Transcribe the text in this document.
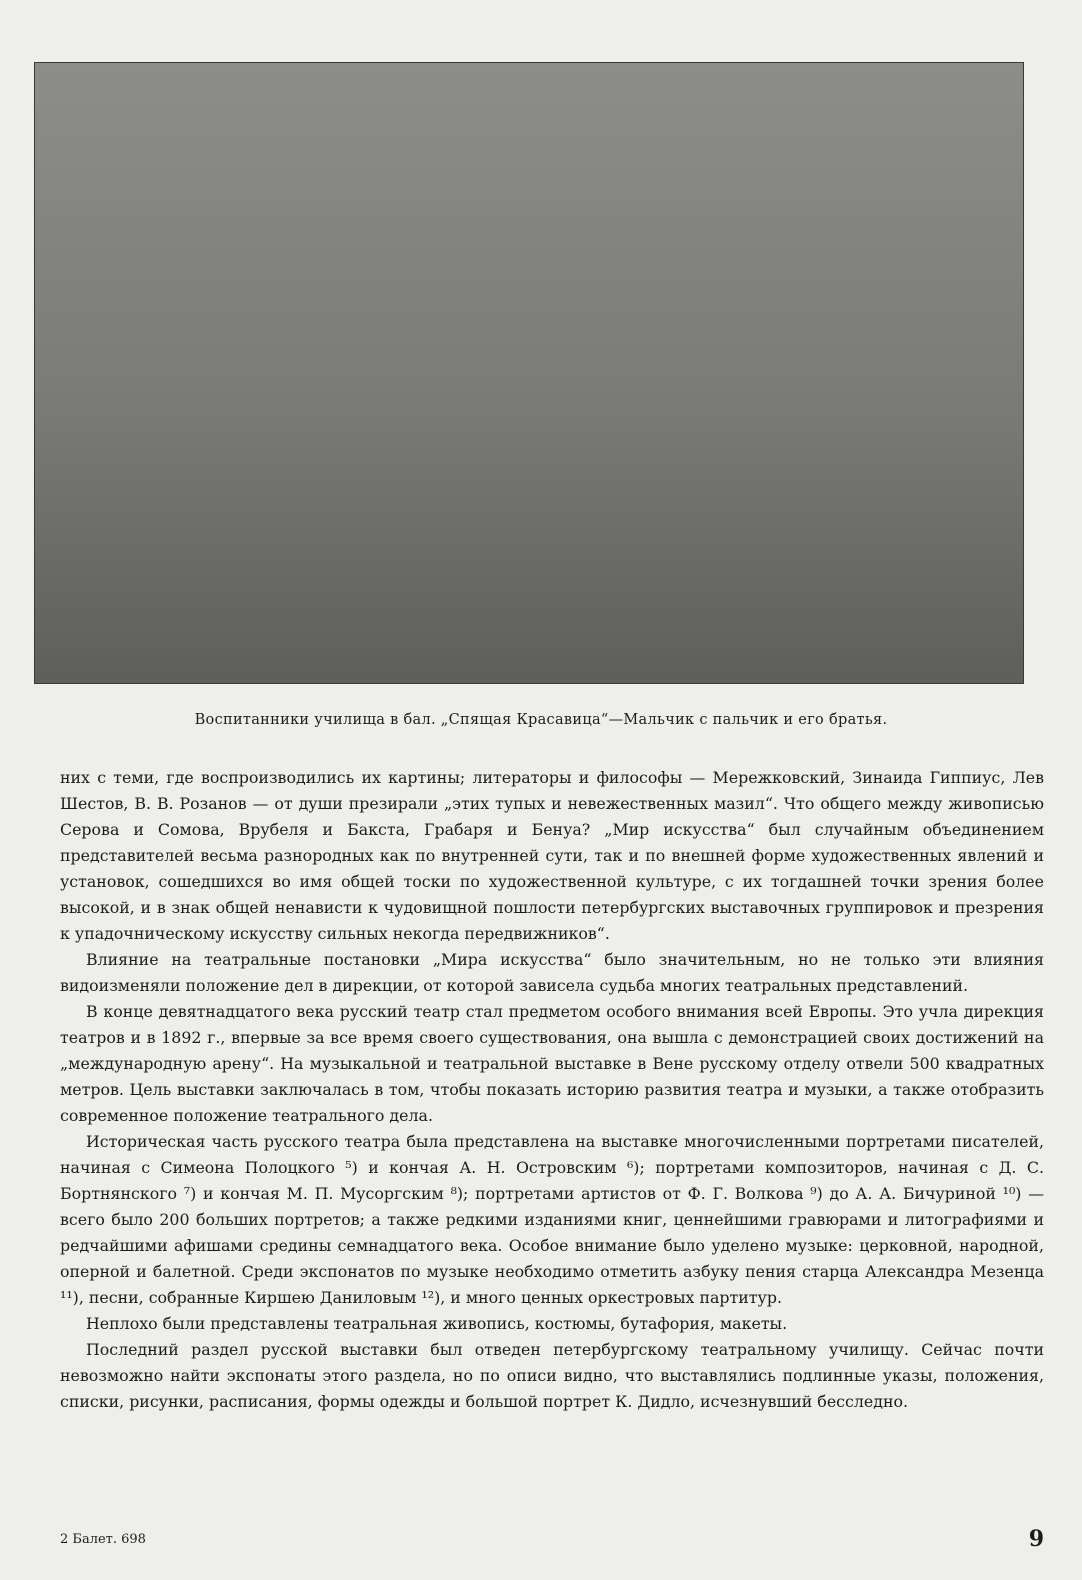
Воспитанники училища в бал. „Спящая Красавица“—Мальчик с пальчик и его братья.

них с теми, где воспроизводились их картины; литераторы и философы — Мережковский, Зинаида Гиппиус, Лев Шестов, В. В. Розанов — от души презирали „этих тупых и невежественных мазил“. Что общего между живописью Серова и Сомова, Врубеля и Бакста, Грабаря и Бенуа? „Мир искусства“ был случайным объединением представителей весьма разнородных как по внутренней сути, так и по внешней форме художественных явлений и установок, сошедшихся во имя общей тоски по художественной культуре, с их тогдашней точки зрения более высокой, и в знак общей ненависти к чудовищной пошлости петербургских выставочных группировок и презрения к упадочническому искусству сильных некогда передвижников“.

Влияние на театральные постановки „Мира искусства“ было значительным, но не только эти влияния видоизменяли положение дел в дирекции, от которой зависела судьба многих театральных представлений.

В конце девятнадцатого века русский театр стал предметом особого внимания всей Европы. Это учла дирекция театров и в 1892 г., впервые за все время своего существования, она вышла с демонстрацией своих достижений на „международную арену“. На музыкальной и театральной выставке в Вене русскому отделу отвели 500 квадратных метров. Цель выставки заключалась в том, чтобы показать историю развития театра и музыки, а также отобразить современное положение театрального дела.

Историческая часть русского театра была представлена на выставке многочисленными портретами писателей, начиная с Симеона Полоцкого ⁵) и кончая А. Н. Островским ⁶); портретами композиторов, начиная с Д. С. Бортнянского ⁷) и кончая М. П. Мусоргским ⁸); портретами артистов от Ф. Г. Волкова ⁹) до А. А. Бичуриной ¹⁰) — всего было 200 больших портретов; а также редкими изданиями книг, ценнейшими гравюрами и литографиями и редчайшими афишами средины семнадцатого века. Особое внимание было уделено музыке: церковной, народной, оперной и балетной. Среди экспонатов по музыке необходимо отметить азбуку пения старца Александра Мезенца ¹¹), песни, собранные Киршею Даниловым ¹²), и много ценных оркестровых партитур.

Неплохо были представлены театральная живопись, костюмы, бутафория, макеты.

Последний раздел русской выставки был отведен петербургскому театральному училищу. Сейчас почти невозможно найти экспонаты этого раздела, но по описи видно, что выставлялись подлинные указы, положения, списки, рисунки, расписания, формы одежды и большой портрет К. Дидло, исчезнувший бесследно.

2 Балет. 698	9
